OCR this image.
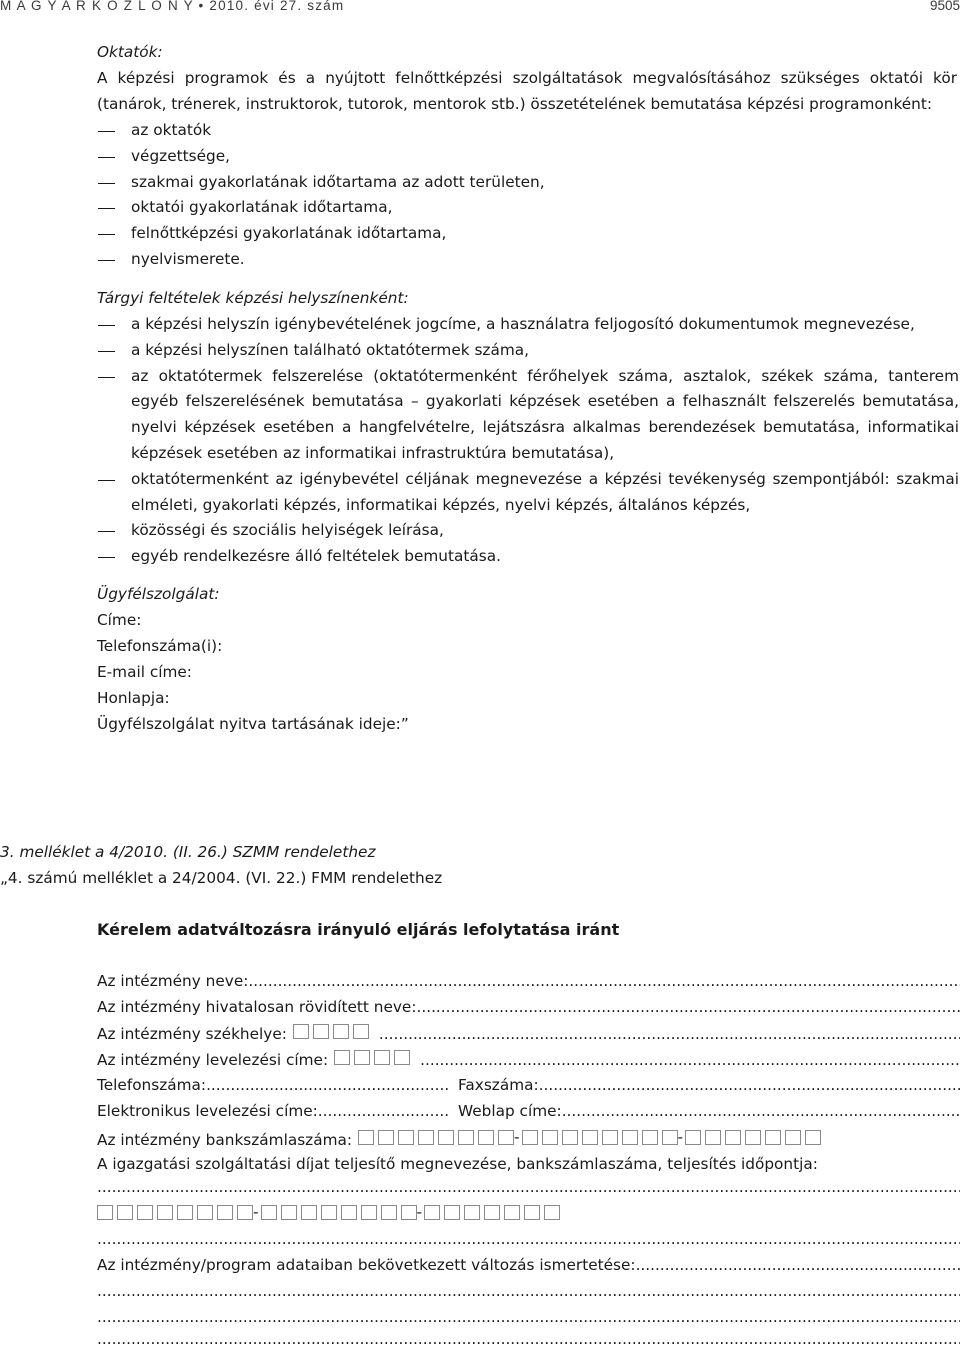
M A G Y A R K Ö Z L Ö N Y • 2010. évi 27. szám	9505
Oktatók:
A képzési programok és a nyújtott felnőttképzési szolgáltatások megvalósításához szükséges oktatói kör (tanárok, trénerek, instruktorok, tutorok, mentorok stb.) összetételének bemutatása képzési programonként:
az oktatók
végzettsége,
szakmai gyakorlatának időtartama az adott területen,
oktatói gyakorlatának időtartama,
felnőttképzési gyakorlatának időtartama,
nyelvismerete.
Tárgyi feltételek képzési helyszínenként:
a képzési helyszín igénybevételének jogcíme, a használatra feljogosító dokumentumok megnevezése,
a képzési helyszínen található oktatótermek száma,
az oktatótermek felszerelése (oktatótermenként férőhelyek száma, asztalok, székek száma, tanterem egyéb felszerelésének bemutatása – gyakorlati képzések esetében a felhasznált felszerelés bemutatása, nyelvi képzések esetében a hangfelvételre, lejátszásra alkalmas berendezések bemutatása, informatikai képzések esetében az informatikai infrastruktúra bemutatása),
oktatótermenként az igénybevétel céljának megnevezése a képzési tevékenység szempontjából: szakmai elméleti, gyakorlati képzés, informatikai képzés, nyelvi képzés, általános képzés,
közösségi és szociális helyiségek leírása,
egyéb rendelkezésre álló feltételek bemutatása.
Ügyfélszolgálat:
Címe:
Telefonszáma(i):
E-mail címe:
Honlapja:
Ügyfélszolgálat nyitva tartásának ideje:”
3. melléklet a 4/2010. (II. 26.) SZMM rendelethez
„4. számú melléklet a 24/2004. (VI. 22.) FMM rendelethez
Kérelem adatváltozásra irányuló eljárás lefolytatása iránt
Az intézmény neve:
.....
Az intézmény hivatalosan rövidített neve:
.....
Az intézmény székhelye:
.....
Az intézmény levelezési címe:
.....
Telefonszáma: .....	Faxszáma:
.....
Elektronikus levelezési címe: .....	Weblap címe:
.....
Az intézmény bankszámlaszáma:	-	-
A igazgatási szolgáltatási díjat teljesítő megnevezése, bankszámlaszáma, teljesítés időpontja:
.....
-	-
.....
Az intézmény/program adataiban bekövetkezett változás ismertetése:
.....
.....
.....
.....
